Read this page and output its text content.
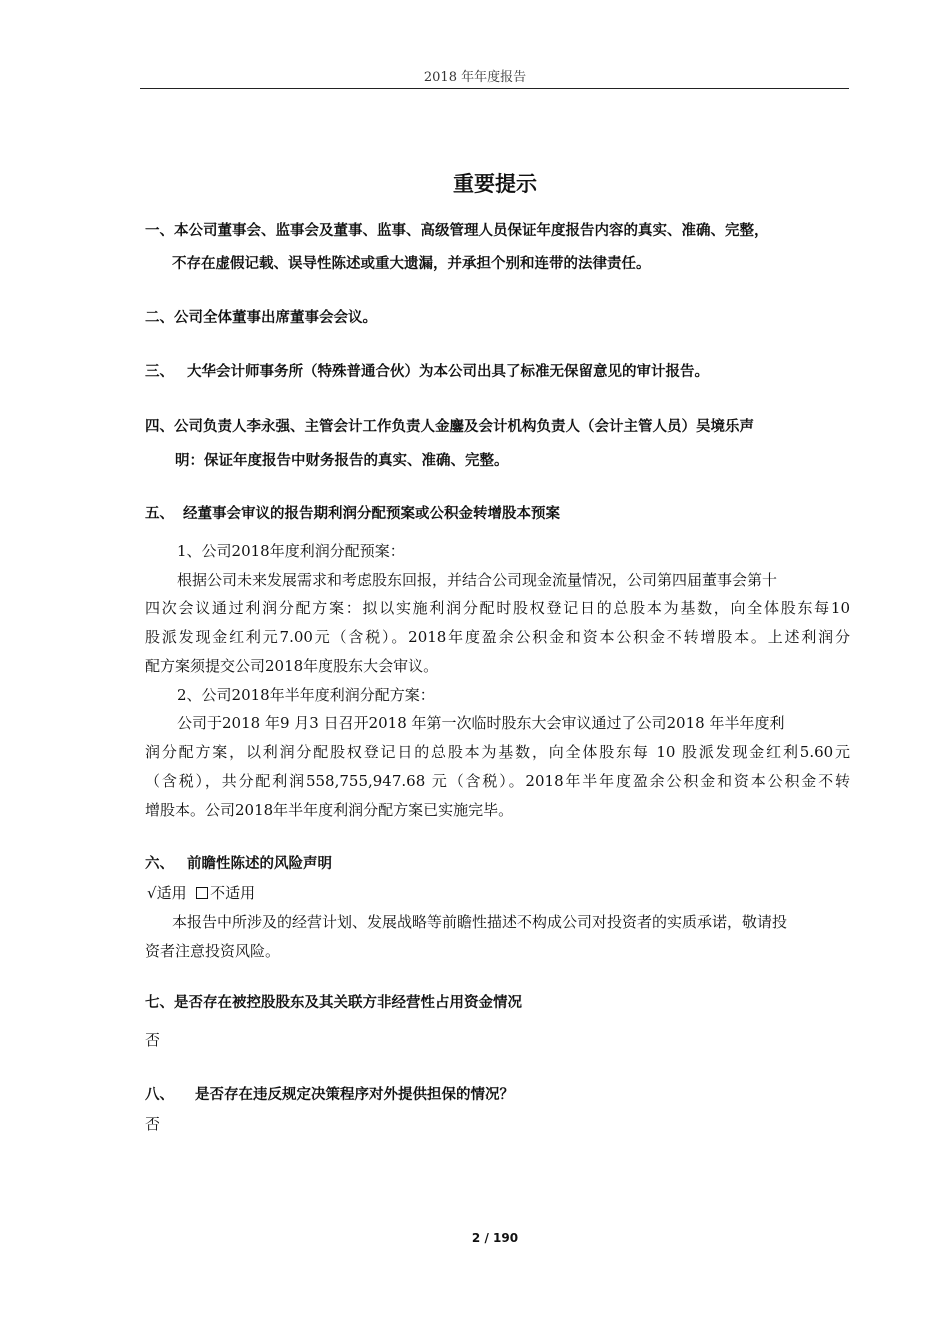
2018 年年度报告
重要提示
一、本公司董事会、监事会及董事、监事、高级管理人员保证年度报告内容的真实、准确、完整，
不存在虚假记载、误导性陈述或重大遗漏，并承担个别和连带的法律责任。
二、公司全体董事出席董事会会议。
三、 大华会计师事务所（特殊普通合伙）为本公司出具了标准无保留意见的审计报告。
四、公司负责人李永强、主管会计工作负责人金鏖及会计机构负责人（会计主管人员）吴境乐声
明：保证年度报告中财务报告的真实、准确、完整。
五、 经董事会审议的报告期利润分配预案或公积金转增股本预案
1、公司2018年度利润分配预案：
根据公司未来发展需求和考虑股东回报，并结合公司现金流量情况，公司第四届董事会第十
四次会议通过利润分配方案：拟以实施利润分配时股权登记日的总股本为基数，向全体股东每10
股派发现金红利元7.00元（含税）。2018年度盈余公积金和资本公积金不转增股本。上述利润分
配方案须提交公司2018年度股东大会审议。
2、公司2018年半年度利润分配方案：
公司于2018 年9 月3 日召开2018 年第一次临时股东大会审议通过了公司2018 年半年度利
润分配方案，以利润分配股权登记日的总股本为基数，向全体股东每 10 股派发现金红利5.60元
（含税），共分配利润558,755,947.68 元（含税）。2018年半年度盈余公积金和资本公积金不转
增股本。公司2018年半年度利润分配方案已实施完毕。
六、 前瞻性陈述的风险声明
√适用 不适用
本报告中所涉及的经营计划、发展战略等前瞻性描述不构成公司对投资者的实质承诺，敬请投
资者注意投资风险。
七、是否存在被控股股东及其关联方非经营性占用资金情况
否
八、 是否存在违反规定决策程序对外提供担保的情况？
否
2 / 190
